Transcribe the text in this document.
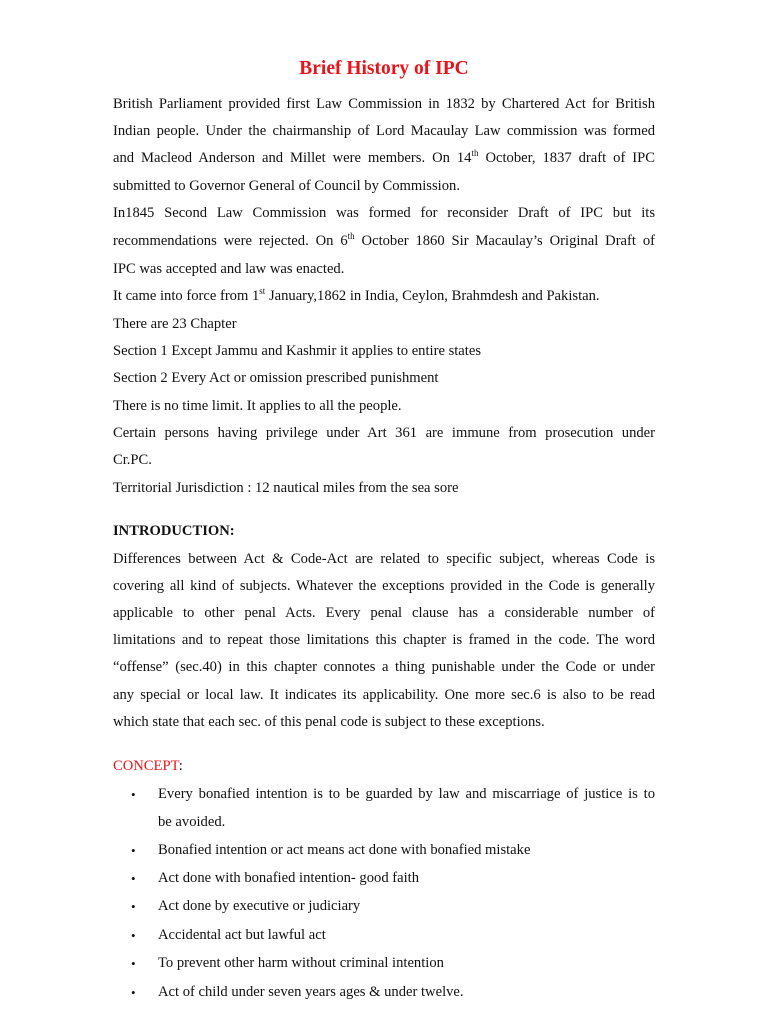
Brief History of IPC
British Parliament provided first Law Commission in 1832 by Chartered Act for British
Indian people. Under the chairmanship of Lord Macaulay Law commission was formed
and Macleod Anderson and Millet were members. On 14th October, 1837 draft of IPC
submitted to Governor General of Council by Commission.
In1845 Second Law Commission was formed for reconsider Draft of IPC but its
recommendations were rejected. On 6th October 1860 Sir Macaulay’s Original Draft of
IPC was accepted and law was enacted.
It came into force from 1st January,1862 in India, Ceylon, Brahmdesh and Pakistan.
There are 23 Chapter
Section 1 Except Jammu and Kashmir it applies to entire states
Section 2 Every Act or omission prescribed punishment
There is no time limit. It applies to all the people.
Certain persons having privilege under Art 361 are immune from prosecution under
Cr.PC.
Territorial Jurisdiction : 12 nautical miles from the sea sore
INTRODUCTION:
Differences between Act & Code-Act are related to specific subject, whereas Code is
covering all kind of subjects. Whatever the exceptions provided in the Code is generally
applicable to other penal Acts. Every penal clause has a considerable number of
limitations and to repeat those limitations this chapter is framed in the code. The word
“offense” (sec.40) in this chapter connotes a thing punishable under the Code or under
any special or local law. It indicates its applicability. One more sec.6 is also to be read
which state that each sec. of this penal code is subject to these exceptions.
CONCEPT:
• Every bonafied intention is to be guarded by law and miscarriage of justice is to
be avoided.
• Bonafied intention or act means act done with bonafied mistake
• Act done with bonafied intention- good faith
• Act done by executive or judiciary
• Accidental act but lawful act
• To prevent other harm without criminal intention
• Act of child under seven years ages & under twelve.
